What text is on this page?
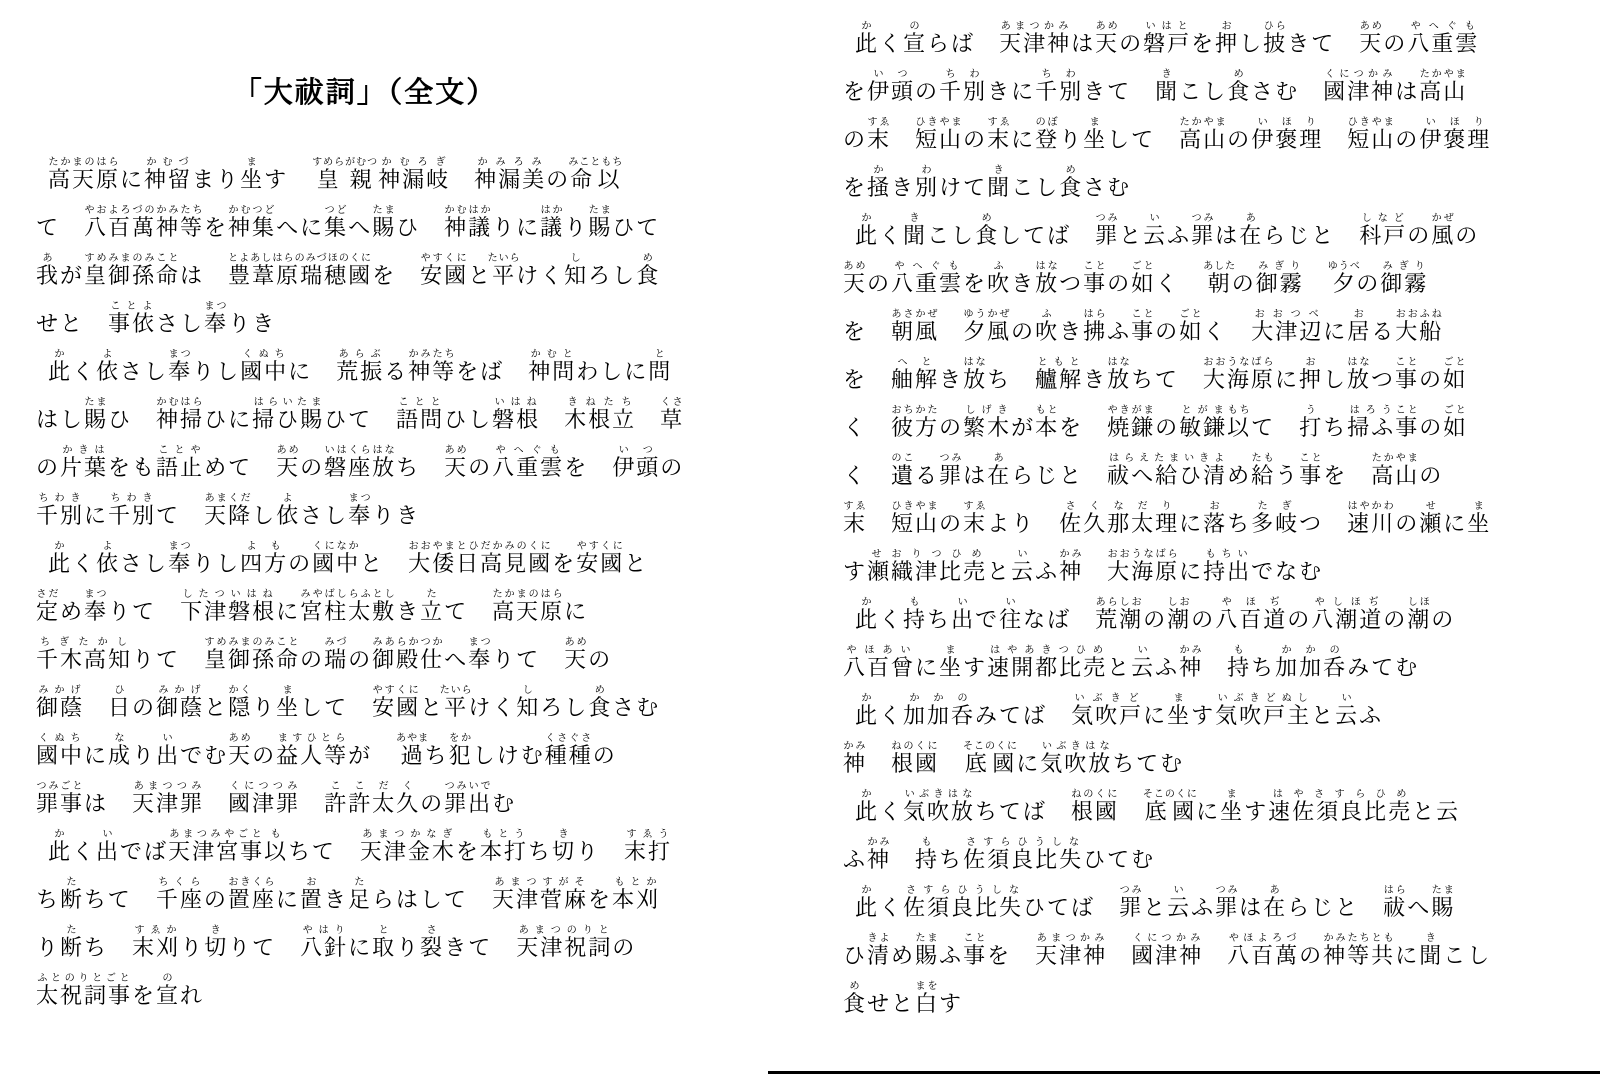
「大祓詞」（全文）
高天原たかまのはらに神留かむづまり坐ます 皇親すめらがむつ神漏岐かむろぎ神漏美かみろみの命以みこともち
て 八百萬神等やおよろづのかみたちを神集かむつどへに集つどへ賜たまひ 神議かむはかりに議はかり賜たまひて
我あが皇御孫命すめみまのみことは 豊葦原瑞穂國とよあしはらのみづほのくにを 安國やすくにと平たいらけく知しろし食め
せと 事依ことよさし奉まつりき
此かく依よさし奉まつりし國中くぬちに 荒振あらぶる神等かみたちをば 神問かむとわしに問と
はし賜たまひ 神掃かむはらひに掃ひ賜はらいたまひて 語問こととひし磐根いはね木根立きねたち草くさ
の片葉かきはをも語止ことやめて 天あめの磐座放いはくらはなち 天あめの八重雲やへぐもを 伊頭いつの
千別ちわきに千別ちわきて 天降あまくだし依よさし奉まつりき
此かく依よさし奉まつりし四方よもの國中くになかと 大倭日高見國おおやまとひだかみのくにを安國やすくにと
定さだめ奉まつりて 下津磐根したついはねに宮柱太敷みやばしらふとしき立たて 高天原たかまのはらに
千木高知ちぎたかしりて 皇御孫命すめみまのみことの瑞みづの御殿仕みあらかつかへ奉まつりて 天あめの
御蔭みかげ日ひの御蔭みかげと隠かくり坐まして 安國やすくにと平たいらけく知しろし食めさむ
國中くぬちに成なり出いでむ天あめの益人等ますひとらが 過あやまち犯をかしけむ種種くさぐさの
罪事つみごとは 天津罪あまつつみ國津罪くにつつみ許許太久ここだくの罪出つみいでむ
此かく出いでば天津宮事あまつみやごと以もちて 天津金木あまつかなぎを本打もとうち切きり 末打すゑう
ち断たちて 千座ちくらの置座おきくらに置おき足たらはして 天津菅麻あまつすがそを本刈もとか
り断たち 末刈すゑかり切きりて 八針やはりに取とり裂さきて 天津祝詞あまつのりとの
太祝詞事ふとのりとごとを宣のれ
此かく宣のらば 天津神あまつかみは天あめの磐戸いはとを押おし披ひらきて 天あめの八重雲やへぐも
を伊頭いつの千別ちわきに千別ちわきて 聞きこし食めさむ 國津神くにつかみは高山たかやま
の末すゑ短山ひきやまの末すゑに登のぼり坐まして 高山たかやまの伊褒理いほり短山ひきやまの伊褒理いほり
を掻かき別わけて聞きこし食めさむ
此かく聞きこし食めしてば 罪つみと云いふ罪つみは在あらじと 科戸しなどの風かぜの
天あめの八重雲やへぐもを吹ふき放はなつ事ことの如ごとく 朝あしたの御霧みぎり夕ゆうべの御霧みぎり
を 朝風あさかぜ夕風ゆうかぜの吹ふき拂はらふ事ことの如ごとく 大津辺おおつべに居おる大船おおふね
を 舳へ解とき放はなち 艫解ともとき放はなちて 大海原おおうなばらに押おし放はなつ事ことの如ごと
く 彼方おちかたの繁木しげきが本もとを 焼鎌やきがまの敏鎌とがま以もちて 打うち掃ふはろう事ことの如ごと
く 遺のこる罪つみは在あらじと 祓へ給ひ清はらえたまいきよめ給たもう事ことを 高山たかやまの
末すゑ短山ひきやまの末すゑより 佐久那太理さくなだりに落おち多岐たぎつ 速川はやかわの瀬せに坐ま
す瀬織津比売せおりつひめと云いふ神かみ大海原おおうなばらに持出もちいでなむ
此かく持もち出いで往いなば 荒潮あらしおの潮しおの八百道やほぢの八潮道やしほぢの潮しほの
八百曾やほあいに坐ます速開都比売はやあきつひめと云いふ神かみ持もち加加呑かかのみてむ
此かく加加呑かかのみてば 気吹戸いぶきどに坐ます気吹戸主いぶきどぬしと云いふ
神かみ根國ねのくに底國そこのくにに気吹放いぶきはなちてむ
此かく気吹放いぶきはなちてば 根國ねのくに底國そこのくにに坐ます速佐須良比売はやさすらひめと云
ふ神かみ持もち佐須良比失さすらひうしなひてむ
此かく佐須良比失さすらひうしなひてば 罪つみと云いふ罪つみは在あらじと 祓はらへ賜たま
ひ清きよめ賜たまふ事ことを 天津神あまつかみ國津神くにつかみ八百萬やほよろづの神等共かみたちともに聞きこし
食めせと白まをす
